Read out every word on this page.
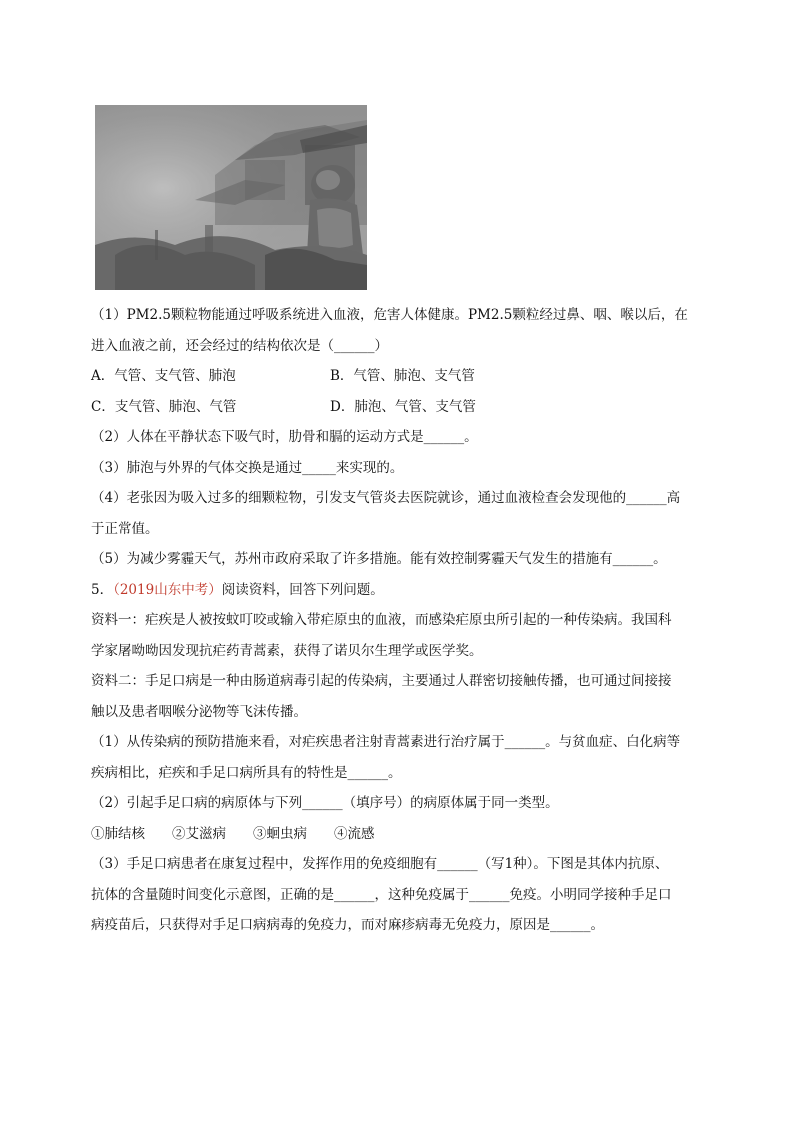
（1）PM2.5颗粒物能通过呼吸系统进入血液，危害人体健康。PM2.5颗粒经过鼻、咽、喉以后，在
进入血液之前，还会经过的结构依次是（______）
A．气管、支气管、肺泡	B．气管、肺泡、支气管
C．支气管、肺泡、气管	D．肺泡、气管、支气管
（2）人体在平静状态下吸气时，肋骨和膈的运动方式是______。
（3）肺泡与外界的气体交换是通过_____来实现的。
（4）老张因为吸入过多的细颗粒物，引发支气管炎去医院就诊，通过血液检查会发现他的______高
于正常值。
（5）为减少雾霾天气，苏州市政府采取了许多措施。能有效控制雾霾天气发生的措施有______。
5．（2019山东中考）阅读资料，回答下列问题。
资料一：疟疾是人被按蚊叮咬或输入带疟原虫的血液，而感染疟原虫所引起的一种传染病。我国科
学家屠呦呦因发现抗疟药青蒿素，获得了诺贝尔生理学或医学奖。
资料二：手足口病是一种由肠道病毒引起的传染病，主要通过人群密切接触传播，也可通过间接接
触以及患者咽喉分泌物等飞沫传播。
（1）从传染病的预防措施来看，对疟疾患者注射青蒿素进行治疗属于______。与贫血症、白化病等
疾病相比，疟疾和手足口病所具有的特性是______。
（2）引起手足口病的病原体与下列______（填序号）的病原体属于同一类型。
①肺结核　　②艾滋病　　③蛔虫病　　④流感
（3）手足口病患者在康复过程中，发挥作用的免疫细胞有______（写1种）。下图是其体内抗原、
抗体的含量随时间变化示意图，正确的是______，这种免疫属于______免疫。小明同学接种手足口
病疫苗后，只获得对手足口病病毒的免疫力，而对麻疹病毒无免疫力，原因是______。
